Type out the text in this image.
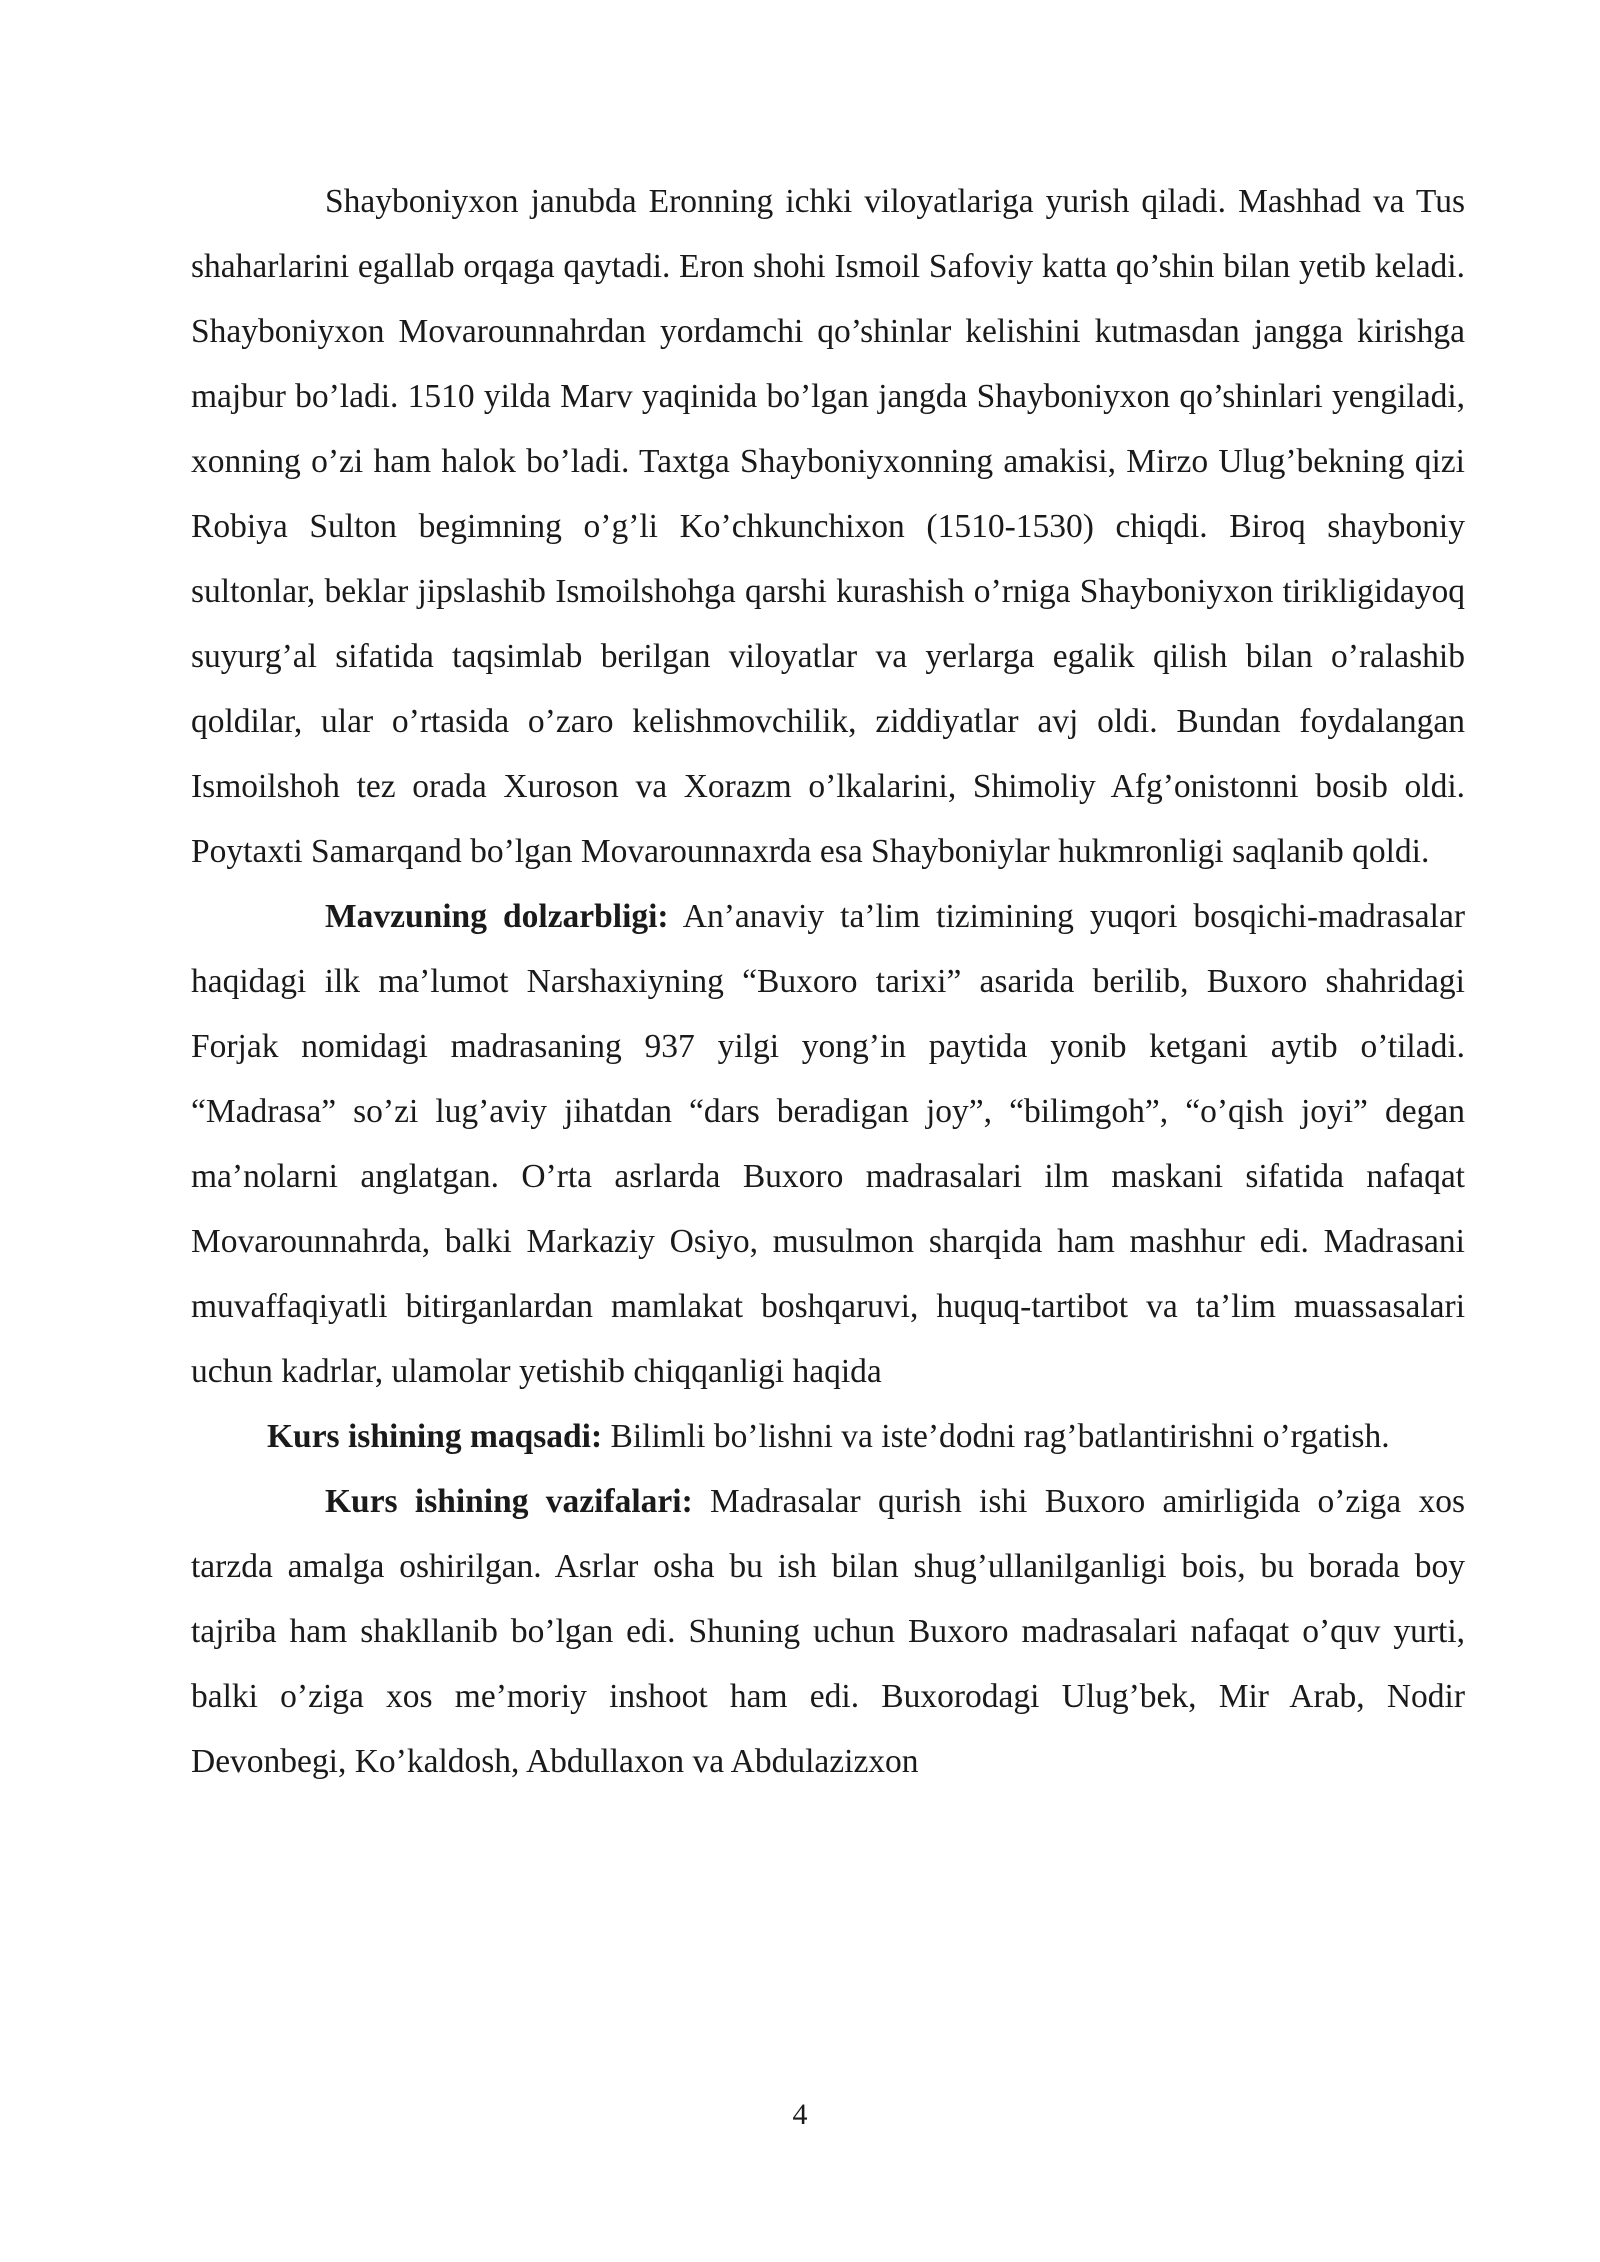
Shayboniyxon janubda Eronning ichki viloyatlariga yurish qiladi. Mashhad va Tus shaharlarini egallab orqaga qaytadi. Eron shohi Ismoil Safoviy katta qo’shin bilan yetib keladi. Shayboniyxon Movarounnahrdan yordamchi qo’shinlar kelishini kutmasdan jangga kirishga majbur bo’ladi. 1510 yilda Marv yaqinida bo’lgan jangda Shayboniyxon qo’shinlari yengiladi, xonning o’zi ham halok bo’ladi. Taxtga Shayboniyxonning amakisi, Mirzo Ulug’bekning qizi Robiya Sulton begimning o’g’li Ko’chkunchixon (1510-1530) chiqdi. Biroq shayboniy sultonlar, beklar jipslashib Ismoilshohga qarshi kurashish o’rniga Shayboniyxon tirikligidayoq suyurg’al sifatida taqsimlab berilgan viloyatlar va yerlarga egalik qilish bilan o’ralashib qoldilar, ular o’rtasida o’zaro kelishmovchilik, ziddiyatlar avj oldi. Bundan foydalangan Ismoilshoh tez orada Xuroson va Xorazm o’lkalarini, Shimoliy Afg’onistonni bosib oldi. Poytaxti Samarqand bo’lgan Movarounnaxrda esa Shayboniylar hukmronligi saqlanib qoldi.

Mavzuning dolzarbligi: An’anaviy ta’lim tizimining yuqori bosqichi-madrasalar haqidagi ilk ma’lumot Narshaxiyning “Buxoro tarixi” asarida berilib, Buxoro shahridagi Forjak nomidagi madrasaning 937 yilgi yong’in paytida yonib ketgani aytib o’tiladi. “Madrasa” so’zi lug’aviy jihatdan “dars beradigan joy”, “bilimgoh”, “o’qish joyi” degan ma’nolarni anglatgan. O’rta asrlarda Buxoro madrasalari ilm maskani sifatida nafaqat Movarounnahrda, balki Markaziy Osiyo, musulmon sharqida ham mashhur edi. Madrasani muvaffaqiyatli bitirganlardan mamlakat boshqaruvi, huquq-tartibot va ta’lim muassasalari uchun kadrlar, ulamolar yetishib chiqqanligi haqida

Kurs ishining maqsadi: Bilimli bo’lishni va iste’dodni rag’batlantirishni o’rgatish.

Kurs ishining vazifalari: Madrasalar qurish ishi Buxoro amirligida o’ziga xos tarzda amalga oshirilgan. Asrlar osha bu ish bilan shug’ullanilganligi bois, bu borada boy tajriba ham shakllanib bo’lgan edi. Shuning uchun Buxoro madrasalari nafaqat o’quv yurti, balki o’ziga xos me’moriy inshoot ham edi. Buxorodagi Ulug’bek, Mir Arab, Nodir Devonbegi, Ko’kaldosh, Abdullaxon va Abdulazizxon

4
